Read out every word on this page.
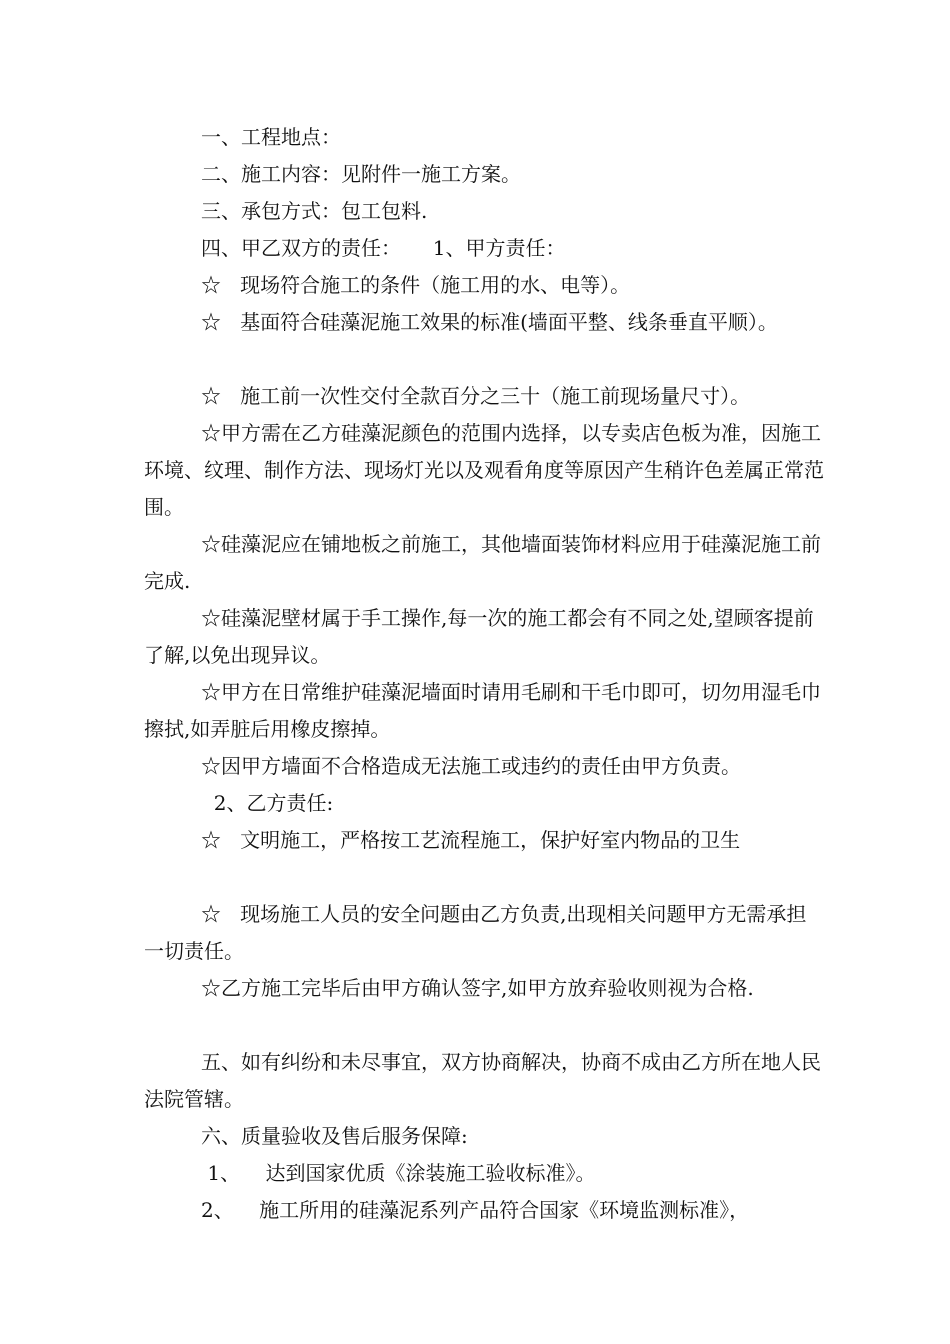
一、工程地点：

二、施工内容：见附件一施工方案。

三、承包方式：包工包料.

四、甲乙双方的责任：     1、甲方责任：

☆   现场符合施工的条件（施工用的水、电等）。

☆   基面符合硅藻泥施工效果的标准(墙面平整、线条垂直平顺）。

☆   施工前一次性交付全款百分之三十（施工前现场量尺寸）。

☆甲方需在乙方硅藻泥颜色的范围内选择，以专卖店色板为准，因施工环境、纹理、制作方法、现场灯光以及观看角度等原因产生稍许色差属正常范围。

☆硅藻泥应在铺地板之前施工，其他墙面装饰材料应用于硅藻泥施工前完成.

☆硅藻泥壁材属于手工操作,每一次的施工都会有不同之处,望顾客提前了解,以免出现异议。

☆甲方在日常维护硅藻泥墙面时请用毛刷和干毛巾即可，切勿用湿毛巾擦拭,如弄脏后用橡皮擦掉。

☆因甲方墙面不合格造成无法施工或违约的责任由甲方负责。

2、乙方责任:

☆   文明施工，严格按工艺流程施工，保护好室内物品的卫生

☆   现场施工人员的安全问题由乙方负责,出现相关问题甲方无需承担一切责任。

☆乙方施工完毕后由甲方确认签字,如甲方放弃验收则视为合格.

五、如有纠纷和未尽事宜，双方协商解决，协商不成由乙方所在地人民法院管辖。

六、质量验收及售后服务保障:

1、    达到国家优质《涂装施工验收标准》。

2、    施工所用的硅藻泥系列产品符合国家《环境监测标准》，
